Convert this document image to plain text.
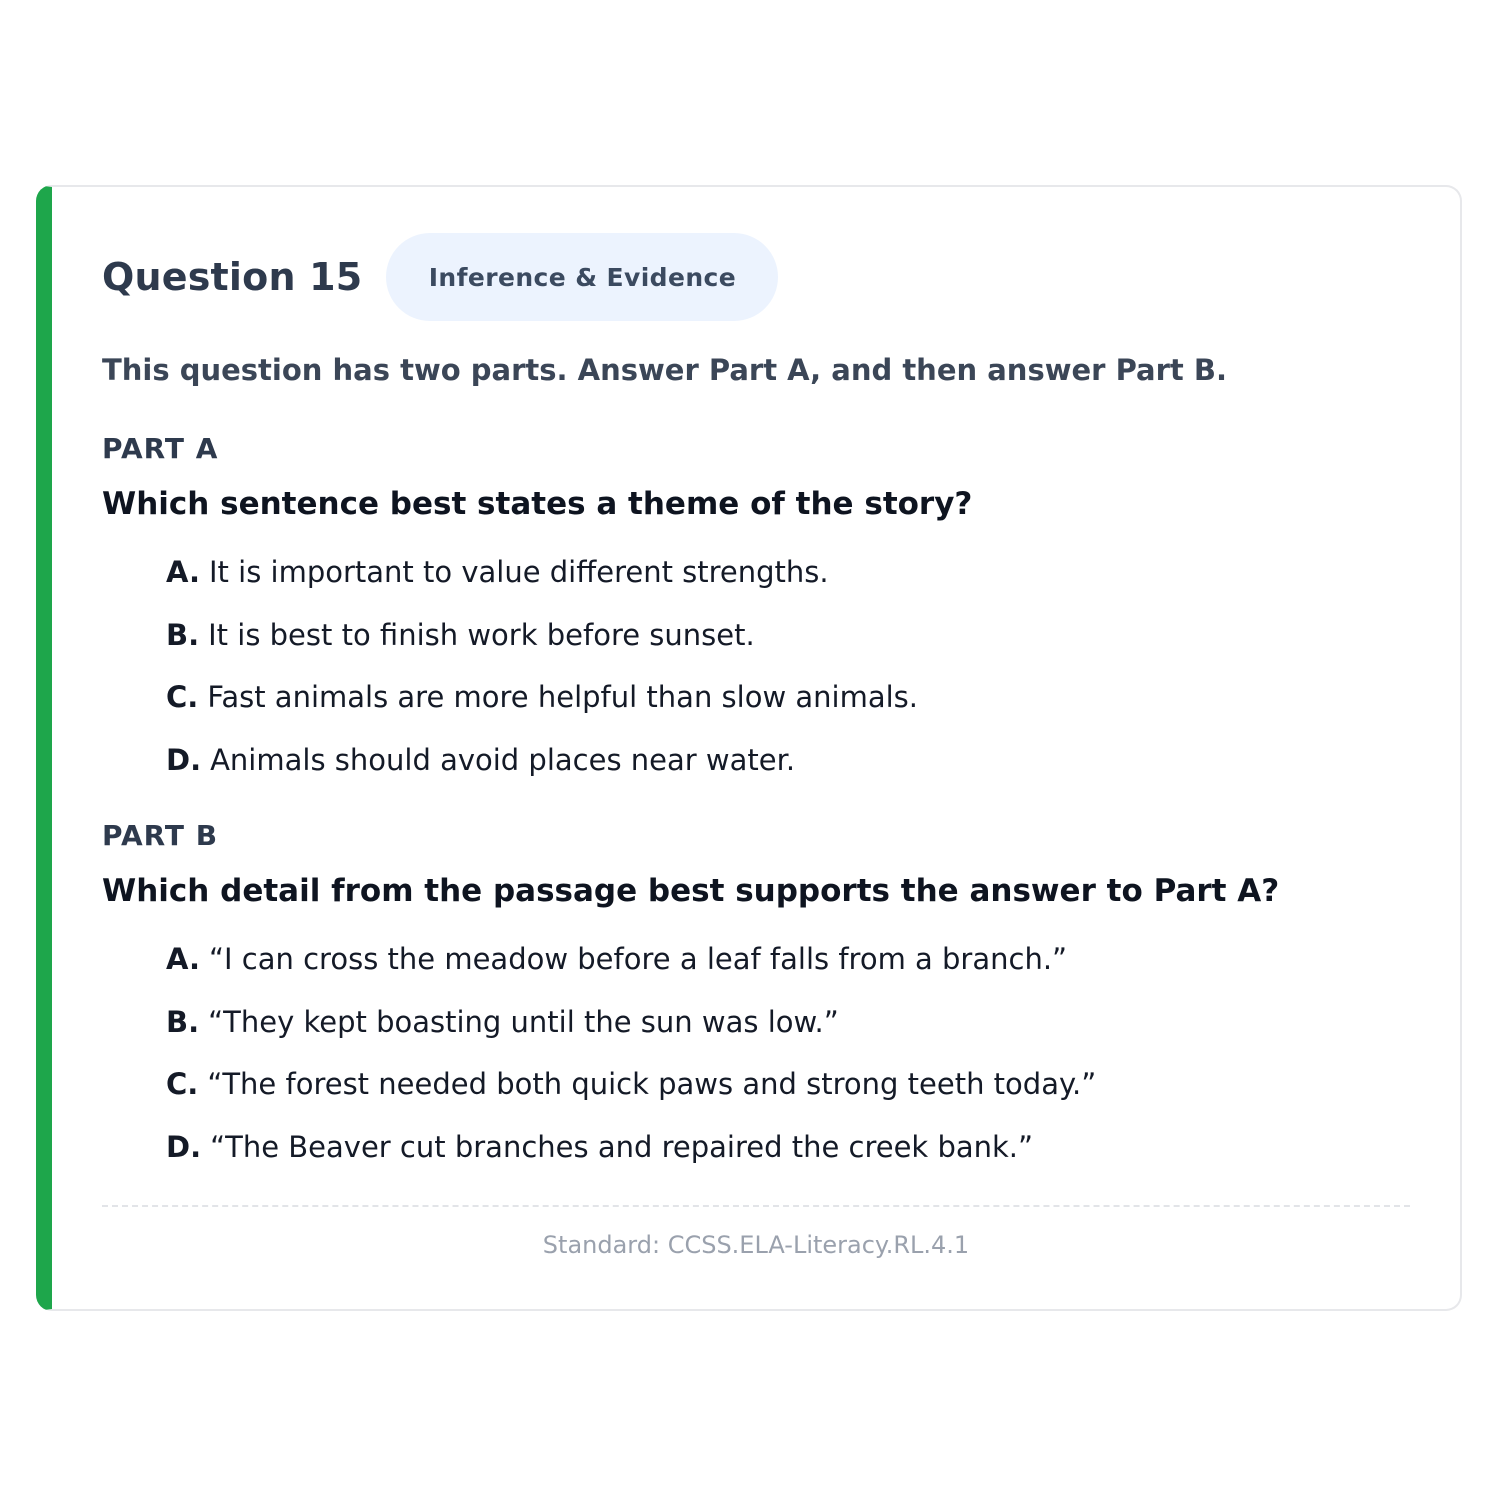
Question 15	Inference & Evidence
This question has two parts. Answer Part A, and then answer Part B.
PART A
Which sentence best states a theme of the story?
A. It is important to value different strengths.
B. It is best to finish work before sunset.
C. Fast animals are more helpful than slow animals.
D. Animals should avoid places near water.
PART B
Which detail from the passage best supports the answer to Part A?
A. “I can cross the meadow before a leaf falls from a branch.”
B. “They kept boasting until the sun was low.”
C. “The forest needed both quick paws and strong teeth today.”
D. “The Beaver cut branches and repaired the creek bank.”
Standard: CCSS.ELA-Literacy.RL.4.1
